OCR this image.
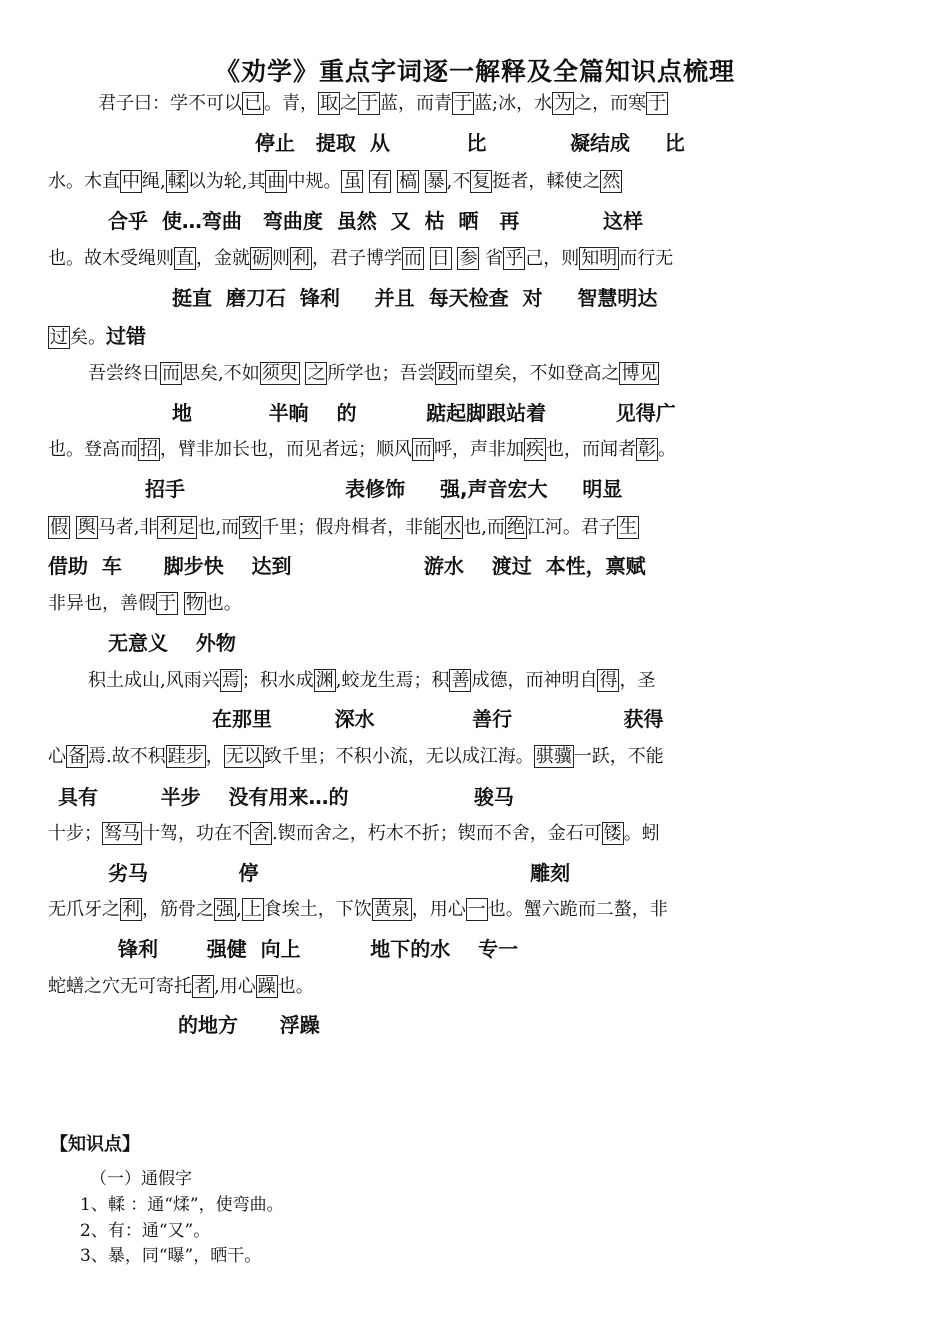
《劝学》重点字词逐一解释及全篇知识点梳理
君子曰：学不可以 已 。青， 取 之 于 蓝，而青 于 蓝;冰，水 为 之，而寒 于
停止   提取  从           比            凝结成     比
水。木直 中 绳, 輮 以为轮,其 曲 中规。 虽 有 槁 暴 ,不 复 挺者，輮使之 然
合乎  使…弯曲   弯曲度  虽然  又  枯  晒   再            这样
也。故木受绳则 直 ，金就 砺 则 利 ，君子博学 而 日 参 省 乎 己，则 知明 而行无
挺直  磨刀石  锋利     并且  每天检查  对     智慧明达
过 矣。过错
吾尝终日 而 思矣,不如 须臾 之 所学也；吾尝 跂 而望矣，不如登高之 博见
地           半晌    的          踮起脚跟站着          见得广
也。登高而 招 ，臂非加长也，而见者远；顺风 而 呼，声非加 疾 也，而闻者 彰 。
招手                       表修饰     强,声音宏大     明显
假 舆 马者,非 利足 也,而 致 千里；假舟楫者，非能 水 也,而 绝 江河。君子 生
借助  车      脚步快    达到                   游水    渡过  本性，禀赋
非异也，善假 于 物 也。
无意义    外物
积土成山,风雨兴 焉 ；积水成 渊 ,蛟龙生焉；积 善 成德，而神明自 得 ，圣
在那里         深水              善行                获得
心 备 焉.故不积 跬步 ， 无以 致千里；不积小流，无以成江海。 骐骥 一跃，不能
具有         半步    没有用来…的                  骏马
十步； 驽马 十驾，功在不 舍 .锲而舍之，朽木不折；锲而不舍，金石可 镂 。蚓
劣马             停                                       雕刻
无爪牙之 利 ，筋骨之 强 , 上 食埃土，下饮 黄泉 ，用心 一 也。蟹六跪而二螯，非
锋利       强健  向上          地下的水    专一
蛇蟮之穴无可寄托 者 ,用心 躁 也。
的地方      浮躁
【知识点】
（一）通假字
1、輮 ：通“煣”，使弯曲。
2、有：通“又”。
3、暴，同“曝”，晒干。
